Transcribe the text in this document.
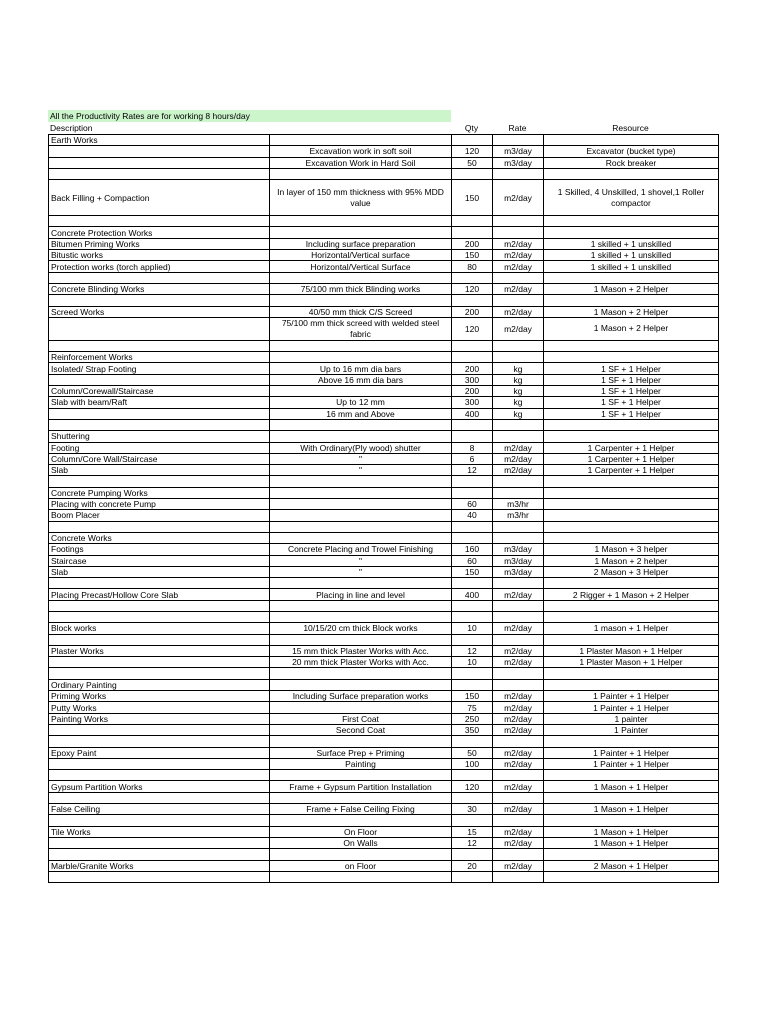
All the Productivity Rates are for working 8 hours/day
Description	Qty	Rate	Resource
Earth Works				
	Excavation work in soft soil	120	m3/day	Excavator (bucket type)
	Excavation Work in Hard Soil	50	m3/day	Rock breaker

Back Filling + Compaction	In layer of 150 mm thickness with 95% MDD value	150	m2/day	1 Skilled, 4 Unskilled, 1 shovel,1 Roller compactor

Concrete Protection Works				
Bitumen Priming Works	Including surface preparation	200	m2/day	1 skilled + 1 unskilled
Bitustic works	Horizontal/Vertical surface	150	m2/day	1 skilled + 1 unskilled
Protection works (torch applied)	Horizontal/Vertical Surface	80	m2/day	1 skilled + 1 unskilled

Concrete Blinding Works	75/100 mm thick Blinding works	120	m2/day	1 Mason + 2 Helper

Screed Works	40/50 mm thick C/S Screed	200	m2/day	1 Mason + 2 Helper
	75/100 mm thick screed with welded steel fabric	120	m2/day	1 Mason + 2 Helper

Reinforcement Works				
Isolated/ Strap Footing	Up to 16 mm dia bars	200	kg	1 SF + 1 Helper
	Above 16 mm dia bars	300	kg	1 SF + 1 Helper
Column/Corewall/Staircase		200	kg	1 SF + 1 Helper
Slab with beam/Raft	Up to 12 mm	300	kg	1 SF + 1 Helper
	16 mm and Above	400	kg	1 SF + 1 Helper

Shuttering				
Footing	With Ordinary(Ply wood) shutter	8	m2/day	1 Carpenter + 1 Helper
Column/Core Wall/Staircase	"	6	m2/day	1 Carpenter + 1 Helper
Slab	"	12	m2/day	1 Carpenter + 1 Helper

Concrete Pumping Works				
Placing with concrete Pump		60	m3/hr	
Boom Placer		40	m3/hr	

Concrete Works				
Footings	Concrete Placing and Trowel Finishing	160	m3/day	1 Mason + 3 helper
Staircase	"	60	m3/day	1 Mason + 2 helper
Slab	"	150	m3/day	2 Mason + 3 Helper

Placing Precast/Hollow Core Slab	Placing in line and level	400	m2/day	2 Rigger + 1 Mason + 2 Helper

Block works	10/15/20 cm thick Block works	10	m2/day	1 mason + 1 Helper

Plaster Works	15 mm thick Plaster Works with Acc.	12	m2/day	1 Plaster Mason + 1 Helper
	20 mm thick Plaster Works with Acc.	10	m2/day	1 Plaster Mason + 1 Helper

Ordinary Painting				
Priming Works	Including Surface preparation works	150	m2/day	1 Painter + 1 Helper
Putty Works		75	m2/day	1 Painter + 1 Helper
Painting Works	First Coat	250	m2/day	1 painter
	Second Coat	350	m2/day	1 Painter

Epoxy Paint	Surface Prep + Priming	50	m2/day	1 Painter + 1 Helper
	Painting	100	m2/day	1 Painter + 1 Helper

Gypsum Partition Works	Frame + Gypsum Partition Installation	120	m2/day	1 Mason + 1 Helper

False Ceiling	Frame + False Ceiling Fixing	30	m2/day	1 Mason + 1 Helper

Tile Works	On Floor	15	m2/day	1 Mason + 1 Helper
	On Walls	12	m2/day	1 Mason + 1 Helper

Marble/Granite Works	on Floor	20	m2/day	2 Mason + 1 Helper
